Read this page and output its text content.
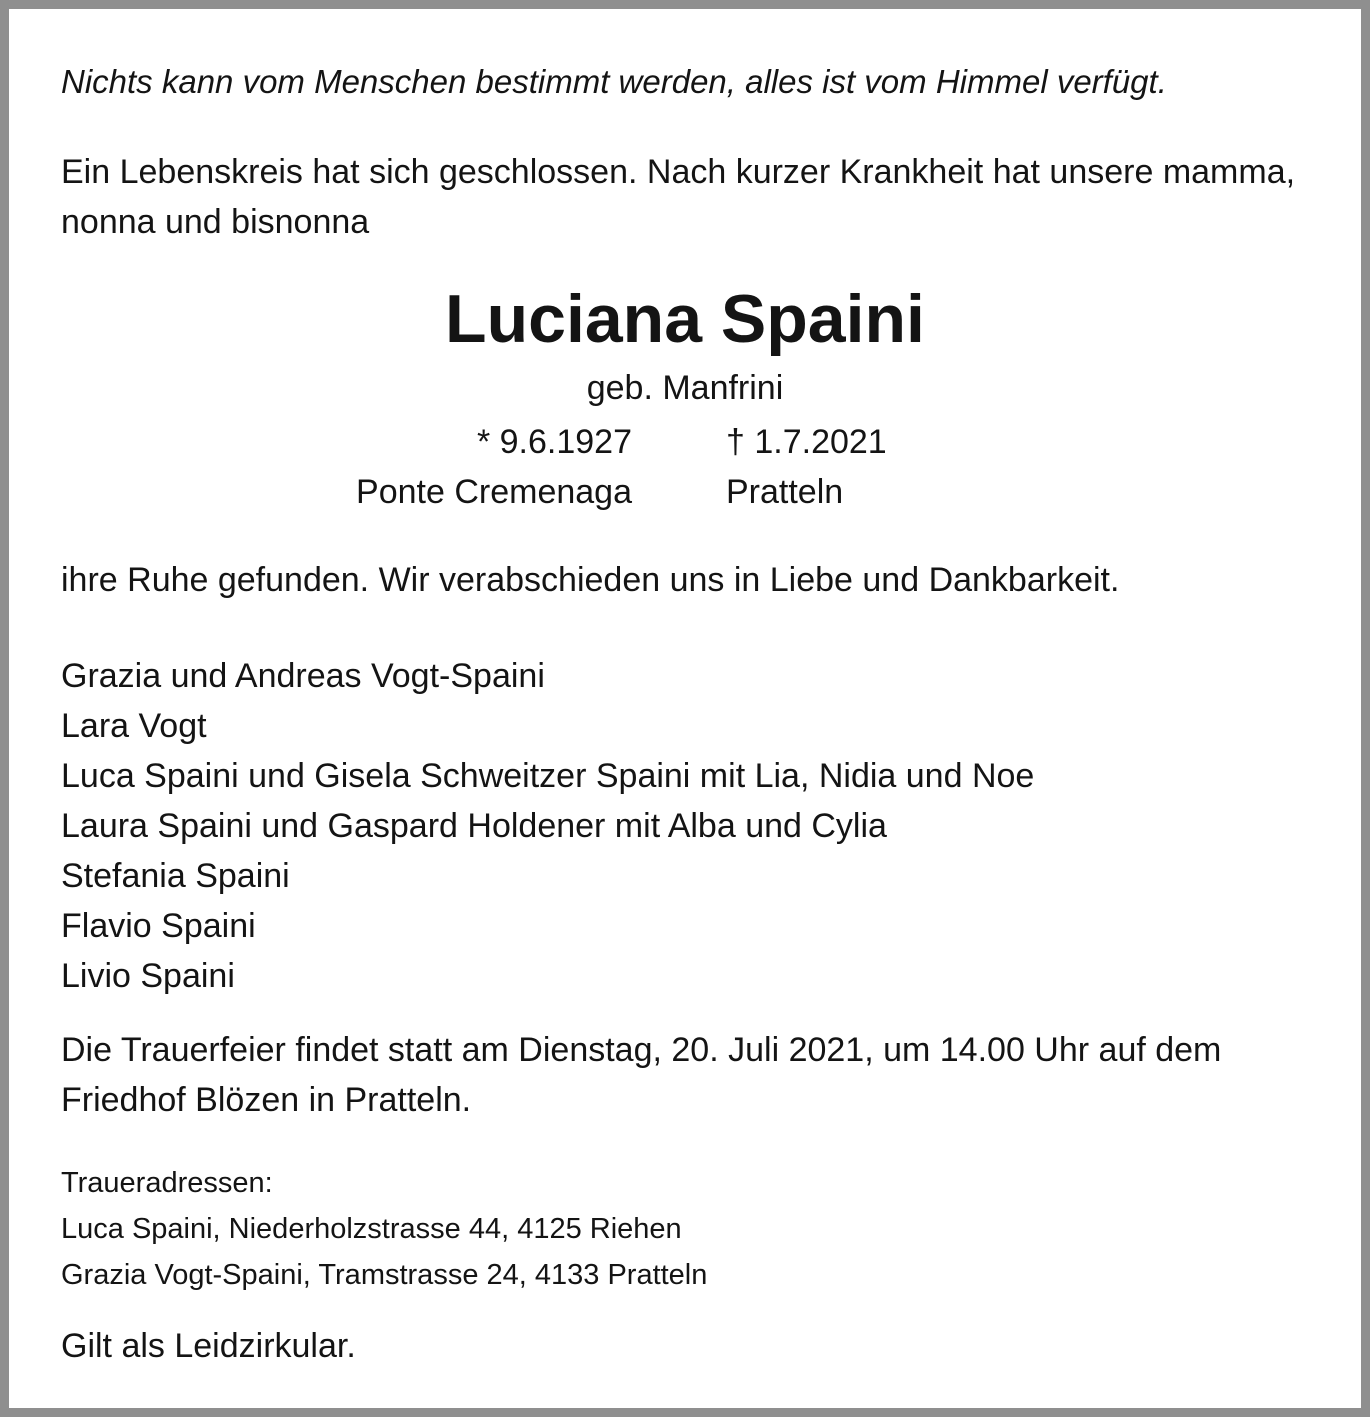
Nichts kann vom Menschen bestimmt werden, alles ist vom Himmel verfügt.
Ein Lebenskreis hat sich geschlossen. Nach kurzer Krankheit hat unsere mamma, nonna und bisnonna
Luciana Spaini
geb. Manfrini
* 9.6.1927
Ponte Cremenaga
† 1.7.2021
Pratteln
ihre Ruhe gefunden. Wir verabschieden uns in Liebe und Dankbarkeit.
Grazia und Andreas Vogt-Spaini
Lara Vogt
Luca Spaini und Gisela Schweitzer Spaini mit Lia, Nidia und Noe
Laura Spaini und Gaspard Holdener mit Alba und Cylia
Stefania Spaini
Flavio Spaini
Livio Spaini
Die Trauerfeier findet statt am Dienstag, 20. Juli 2021, um 14.00 Uhr auf dem Friedhof Blözen in Pratteln.
Traueradressen:
Luca Spaini, Niederholzstrasse 44, 4125 Riehen
Grazia Vogt-Spaini, Tramstrasse 24, 4133 Pratteln
Gilt als Leidzirkular.
